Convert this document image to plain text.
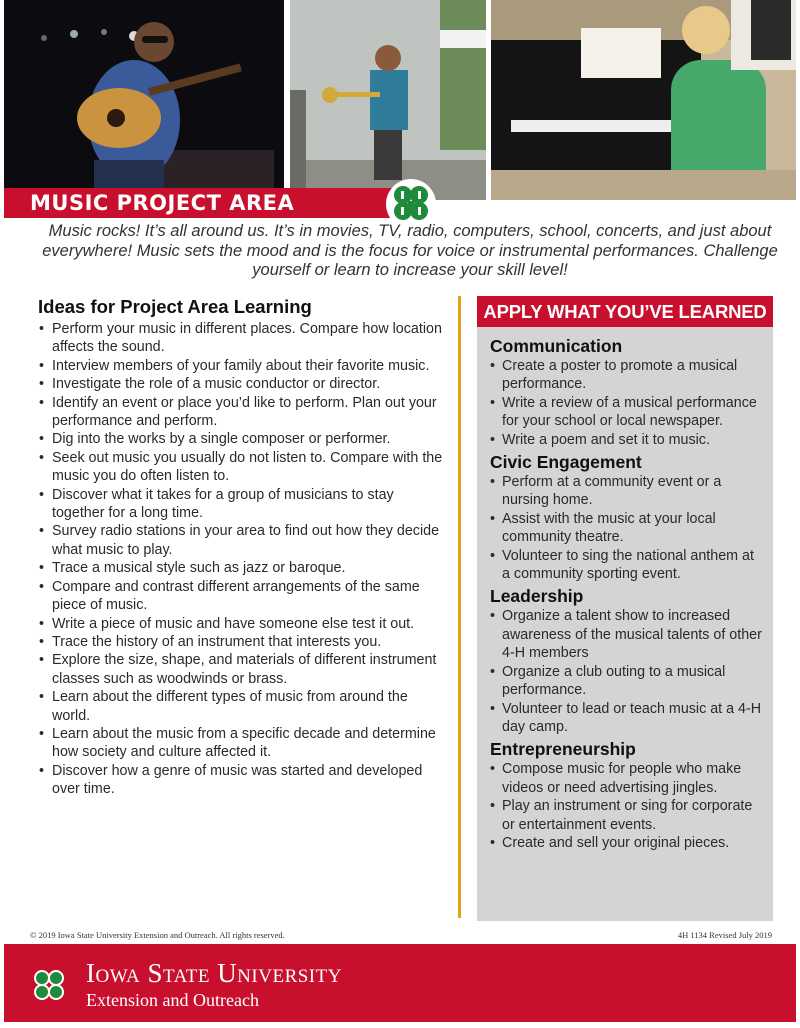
MUSIC PROJECT AREA
Music rocks! It’s all around us. It’s in movies, TV, radio, computers, school, concerts, and just about everywhere! Music sets the mood and is the focus for voice or instrumental performances. Challenge yourself or learn to increase your skill level!
Ideas for Project Area Learning
• Perform your music in different places. Compare how location affects the sound.
• Interview members of your family about their favorite music.
• Investigate the role of a music conductor or director.
• Identify an event or place you’d like to perform. Plan out your performance and perform.
• Dig into the works by a single composer or performer.
• Seek out music you usually do not listen to. Compare with the music you do often listen to.
• Discover what it takes for a group of musicians to stay together for a long time.
• Survey radio stations in your area to find out how they decide what music to play.
• Trace a musical style such as jazz or baroque.
• Compare and contrast different arrangements of the same piece of music.
• Write a piece of music and have someone else test it out.
• Trace the history of an instrument that interests you.
• Explore the size, shape, and materials of different instrument classes such as woodwinds or brass.
• Learn about the different types of music from around the world.
• Learn about the music from a specific decade and determine how society and culture affected it.
• Discover how a genre of music was started and developed over time.
APPLY WHAT YOU’VE LEARNED
Communication
• Create a poster to promote a musical performance.
• Write a review of a musical performance for your school or local newspaper.
• Write a poem and set it to music.
Civic Engagement
• Perform at a community event or a nursing home.
• Assist with the music at your local community theatre.
• Volunteer to sing the national anthem at a community sporting event.
Leadership
• Organize a talent show to increased awareness of the musical talents of other 4-H members
• Organize a club outing to a musical performance.
• Volunteer to lead or teach music at a 4-H day camp.
Entrepreneurship
• Compose music for people who make videos or need advertising jingles.
• Play an instrument or sing for corporate or entertainment events.
• Create and sell your original pieces.
© 2019 Iowa State University Extension and Outreach. All rights reserved.	4H 1134 Revised July 2019
Iowa State University
Extension and Outreach
